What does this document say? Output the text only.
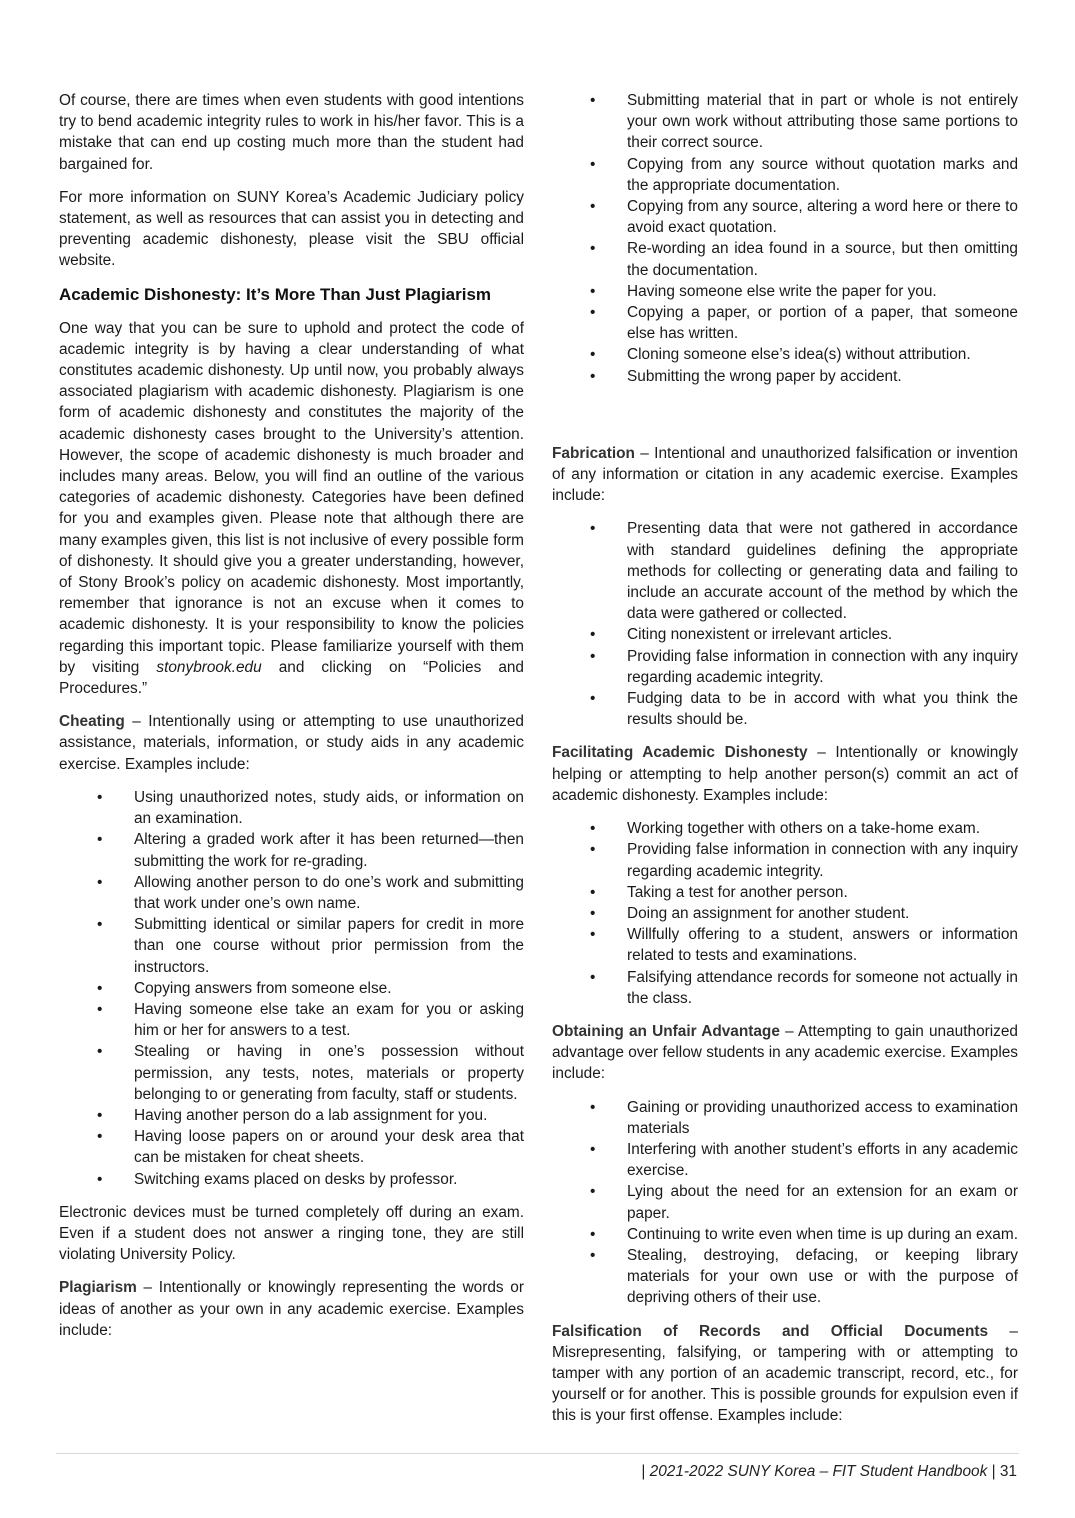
Of course, there are times when even students with good intentions try to bend academic integrity rules to work in his/her favor. This is a mistake that can end up costing much more than the student had bargained for.

For more information on SUNY Korea’s Academic Judiciary policy statement, as well as resources that can assist you in detecting and preventing academic dishonesty, please visit the SBU official website.

Academic Dishonesty: It’s More Than Just Plagiarism

One way that you can be sure to uphold and protect the code of academic integrity is by having a clear understanding of what constitutes academic dishonesty. Up until now, you probably always associated plagiarism with academic dishonesty. Plagiarism is one form of academic dishonesty and constitutes the majority of the academic dishonesty cases brought to the University’s attention. However, the scope of academic dishonesty is much broader and includes many areas. Below, you will find an outline of the various categories of academic dishonesty. Categories have been defined for you and examples given. Please note that although there are many examples given, this list is not inclusive of every possible form of dishonesty. It should give you a greater understanding, however, of Stony Brook’s policy on academic dishonesty. Most importantly, remember that ignorance is not an excuse when it comes to academic dishonesty. It is your responsibility to know the policies regarding this important topic. Please familiarize yourself with them by visiting stonybrook.edu and clicking on “Policies and Procedures.”

Cheating – Intentionally using or attempting to use unauthorized assistance, materials, information, or study aids in any academic exercise. Examples include:

• Using unauthorized notes, study aids, or information on an examination.
• Altering a graded work after it has been returned—then submitting the work for re-grading.
• Allowing another person to do one’s work and submitting that work under one’s own name.
• Submitting identical or similar papers for credit in more than one course without prior permission from the instructors.
• Copying answers from someone else.
• Having someone else take an exam for you or asking him or her for answers to a test.
• Stealing or having in one’s possession without permission, any tests, notes, materials or property belonging to or generating from faculty, staff or students.
• Having another person do a lab assignment for you.
• Having loose papers on or around your desk area that can be mistaken for cheat sheets.
• Switching exams placed on desks by professor.

Electronic devices must be turned completely off during an exam. Even if a student does not answer a ringing tone, they are still violating University Policy.

Plagiarism – Intentionally or knowingly representing the words or ideas of another as your own in any academic exercise. Examples include:

• Submitting material that in part or whole is not entirely your own work without attributing those same portions to their correct source.
• Copying from any source without quotation marks and the appropriate documentation.
• Copying from any source, altering a word here or there to avoid exact quotation.
• Re-wording an idea found in a source, but then omitting the documentation.
• Having someone else write the paper for you.
• Copying a paper, or portion of a paper, that someone else has written.
• Cloning someone else’s idea(s) without attribution.
• Submitting the wrong paper by accident.

Fabrication – Intentional and unauthorized falsification or invention of any information or citation in any academic exercise. Examples include:

• Presenting data that were not gathered in accordance with standard guidelines defining the appropriate methods for collecting or generating data and failing to include an accurate account of the method by which the data were gathered or collected.
• Citing nonexistent or irrelevant articles.
• Providing false information in connection with any inquiry regarding academic integrity.
• Fudging data to be in accord with what you think the results should be.

Facilitating Academic Dishonesty – Intentionally or knowingly helping or attempting to help another person(s) commit an act of academic dishonesty. Examples include:

• Working together with others on a take-home exam.
• Providing false information in connection with any inquiry regarding academic integrity.
• Taking a test for another person.
• Doing an assignment for another student.
• Willfully offering to a student, answers or information related to tests and examinations.
• Falsifying attendance records for someone not actually in the class.

Obtaining an Unfair Advantage – Attempting to gain unauthorized advantage over fellow students in any academic exercise. Examples include:

• Gaining or providing unauthorized access to examination materials
• Interfering with another student’s efforts in any academic exercise.
• Lying about the need for an extension for an exam or paper.
• Continuing to write even when time is up during an exam.
• Stealing, destroying, defacing, or keeping library materials for your own use or with the purpose of depriving others of their use.

Falsification of Records and Official Documents – Misrepresenting, falsifying, or tampering with or attempting to tamper with any portion of an academic transcript, record, etc., for yourself or for another. This is possible grounds for expulsion even if this is your first offense. Examples include:

| 2021-2022 SUNY Korea – FIT Student Handbook | 31
